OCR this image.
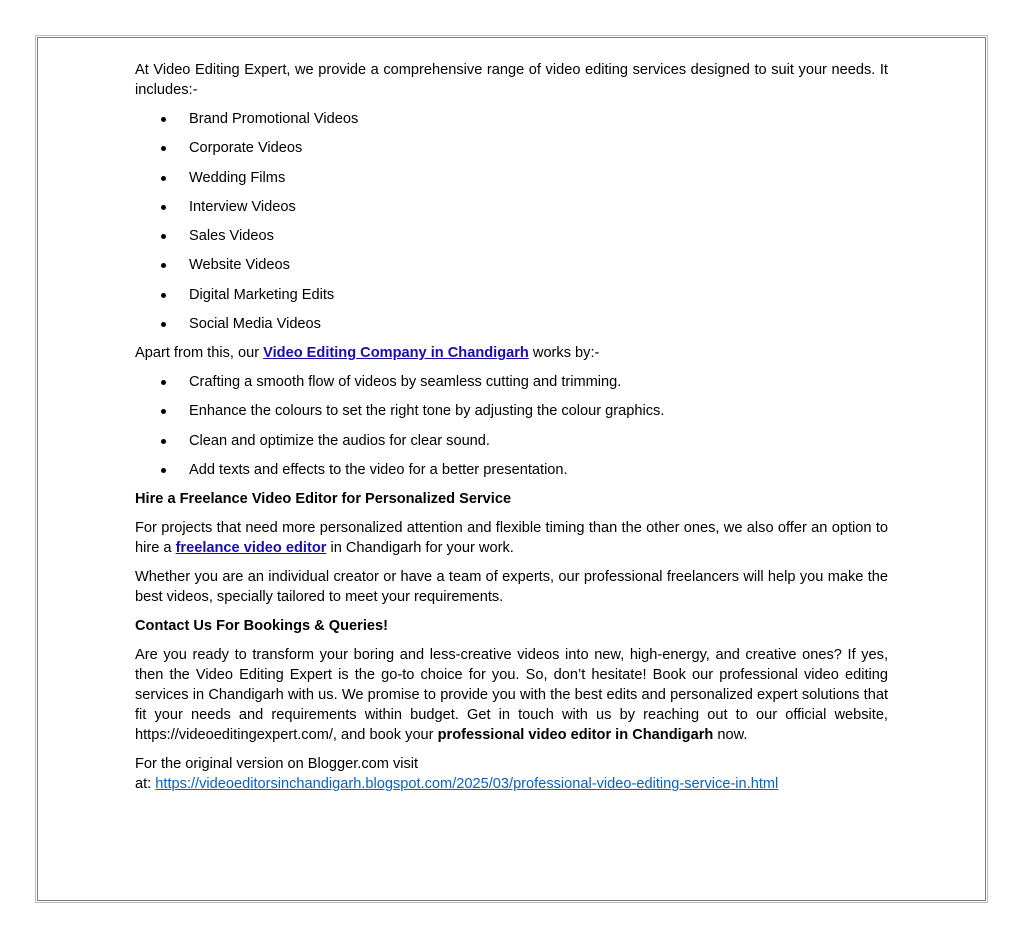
At Video Editing Expert, we provide a comprehensive range of video editing services designed to suit your needs. It includes:-

Brand Promotional Videos
Corporate Videos
Wedding Films
Interview Videos
Sales Videos
Website Videos
Digital Marketing Edits
Social Media Videos

Apart from this, our Video Editing Company in Chandigarh works by:-

Crafting a smooth flow of videos by seamless cutting and trimming.
Enhance the colours to set the right tone by adjusting the colour graphics.
Clean and optimize the audios for clear sound.
Add texts and effects to the video for a better presentation.

Hire a Freelance Video Editor for Personalized Service

For projects that need more personalized attention and flexible timing than the other ones, we also offer an option to hire a freelance video editor in Chandigarh for your work.

Whether you are an individual creator or have a team of experts, our professional freelancers will help you make the best videos, specially tailored to meet your requirements.

Contact Us For Bookings & Queries!

Are you ready to transform your boring and less-creative videos into new, high-energy, and creative ones? If yes, then the Video Editing Expert is the go-to choice for you. So, don’t hesitate! Book our professional video editing services in Chandigarh with us. We promise to provide you with the best edits and personalized expert solutions that fit your needs and requirements within budget. Get in touch with us by reaching out to our official website, https://videoeditingexpert.com/, and book your professional video editor in Chandigarh now.

For the original version on Blogger.com visit
at: https://videoeditorsinchandigarh.blogspot.com/2025/03/professional-video-editing-service-in.html
